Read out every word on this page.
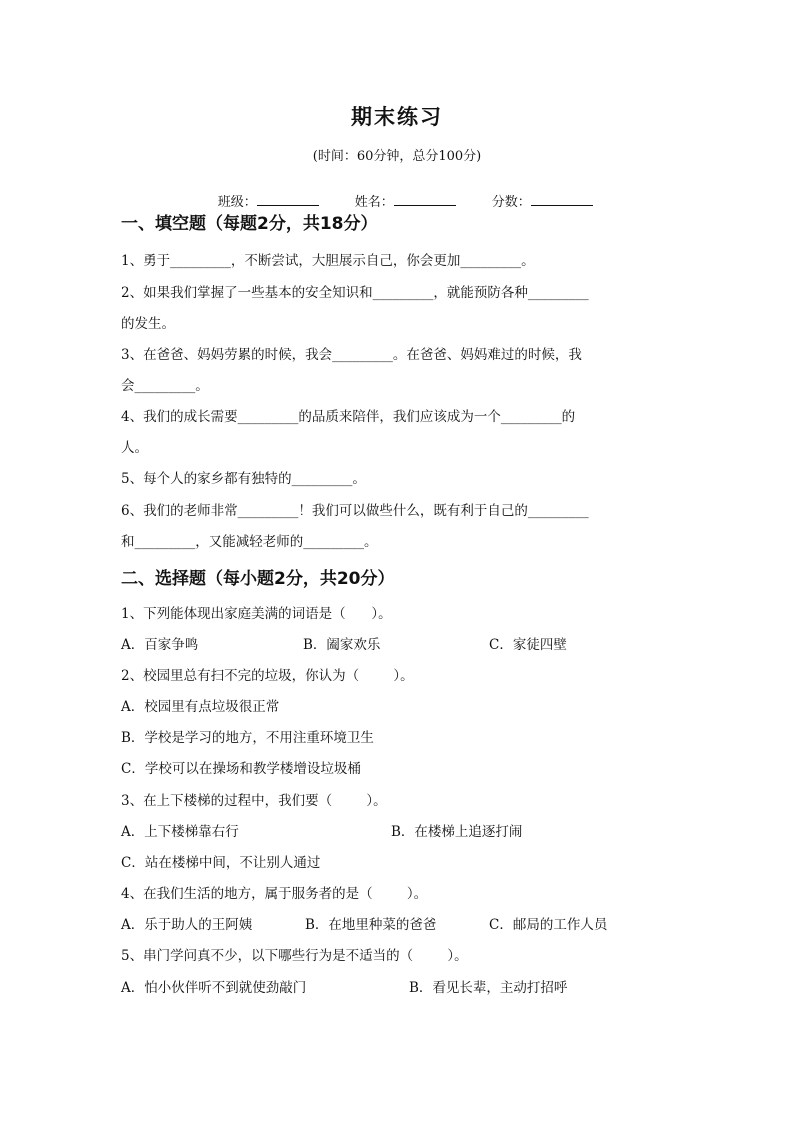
期末练习
(时间：60分钟，总分100分)

班级：	姓名：	分数：

一、填空题（每题2分，共18分）
1、勇于_________，不断尝试，大胆展示自己，你会更加_________。
2、如果我们掌握了一些基本的安全知识和_________，就能预防各种_________
的发生。
3、在爸爸、妈妈劳累的时候，我会_________。在爸爸、妈妈难过的时候，我
会_________。
4、我们的成长需要_________的品质来陪伴，我们应该成为一个_________的
人。
5、每个人的家乡都有独特的_________。
6、我们的老师非常_________！我们可以做些什么，既有利于自己的_________
和_________，又能减轻老师的_________。
二、选择题（每小题2分，共20分）
1、下列能体现出家庭美满的词语是（      ）。
A．百家争鸣	B．阖家欢乐	C．家徒四壁
2、校园里总有扫不完的垃圾，你认为（        ）。
A．校园里有点垃圾很正常
B．学校是学习的地方，不用注重环境卫生
C．学校可以在操场和教学楼增设垃圾桶
3、在上下楼梯的过程中，我们要（        ）。
A．上下楼梯靠右行	B．在楼梯上追逐打闹
C．站在楼梯中间，不让别人通过
4、在我们生活的地方，属于服务者的是（        ）。
A．乐于助人的王阿姨	B．在地里种菜的爸爸	C．邮局的工作人员
5、串门学问真不少，以下哪些行为是不适当的（        ）。
A．怕小伙伴听不到就使劲敲门	B．看见长辈，主动打招呼
